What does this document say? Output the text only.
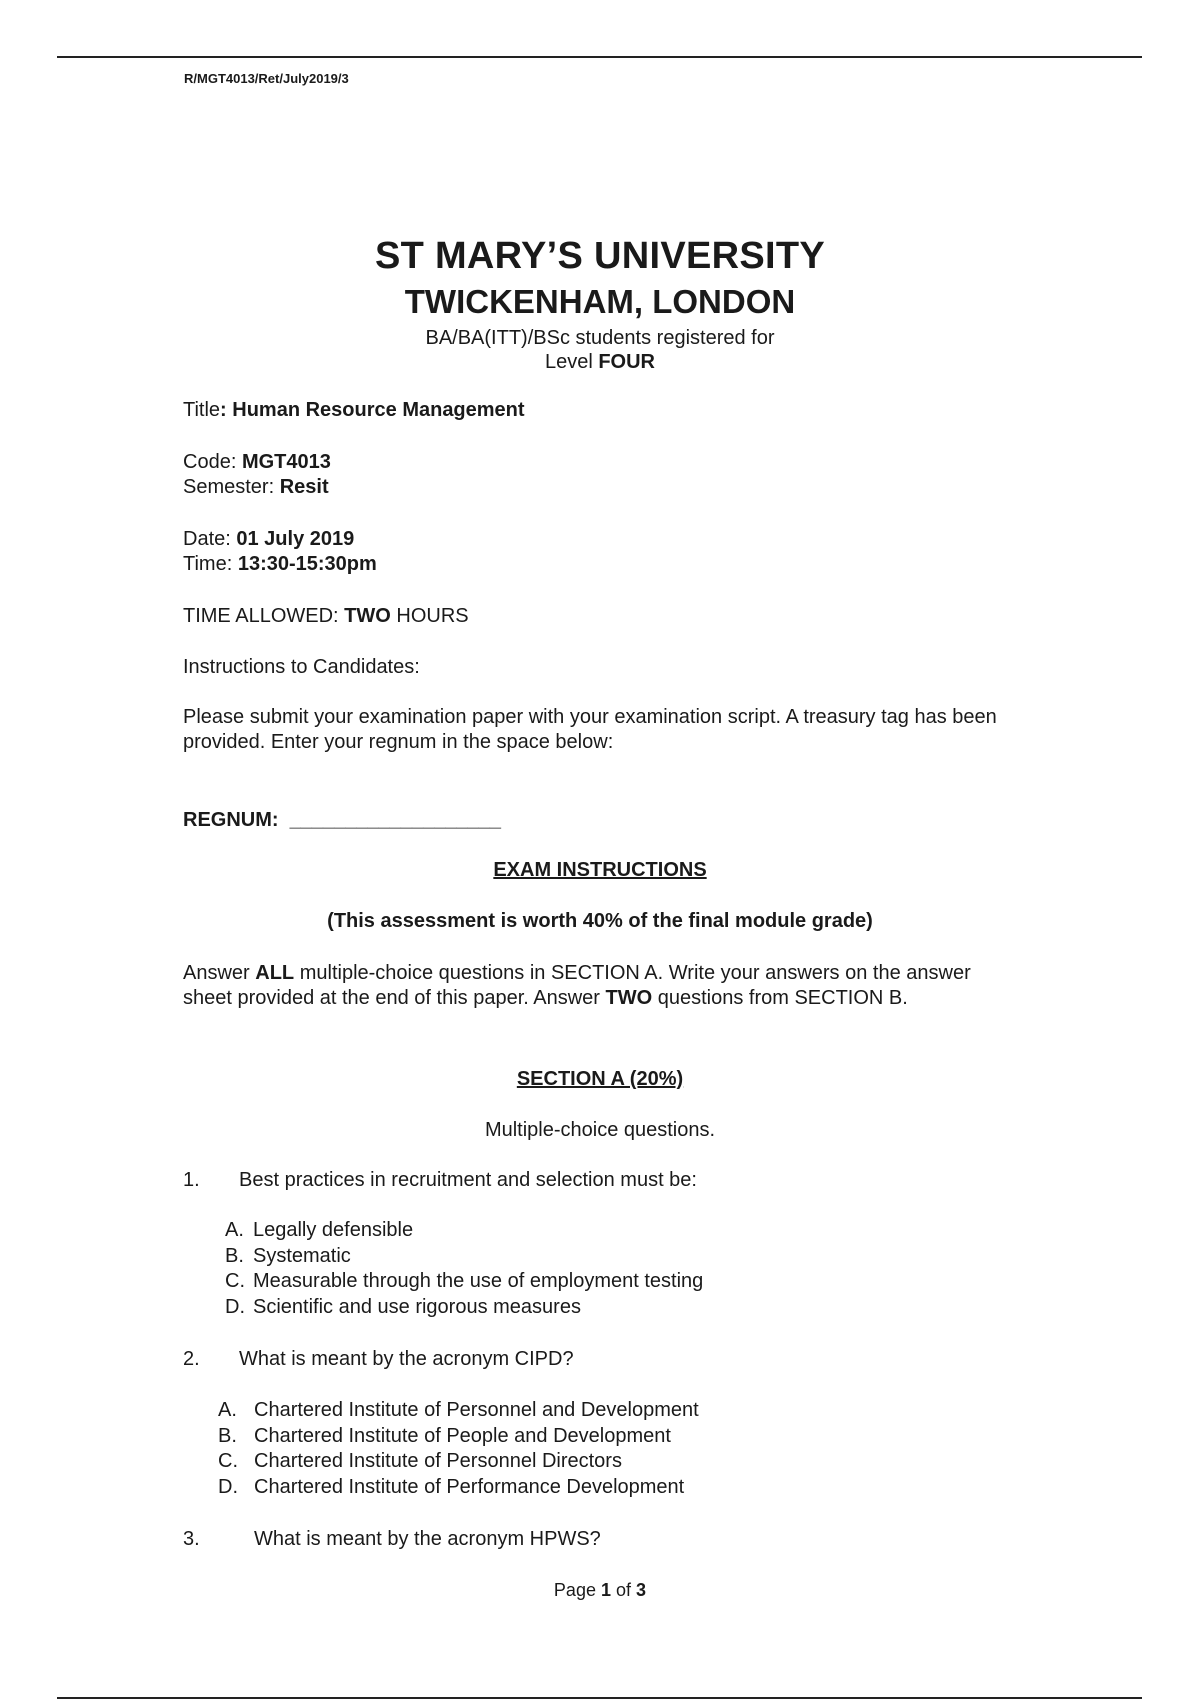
R/MGT4013/Ret/July2019/3
ST MARY’S UNIVERSITY
TWICKENHAM, LONDON
BA/BA(ITT)/BSc students registered for
Level FOUR
Title: Human Resource Management
Code: MGT4013
Semester: Resit
Date: 01 July 2019
Time: 13:30-15:30pm
TIME ALLOWED: TWO HOURS
Instructions to Candidates:
Please submit your examination paper with your examination script. A treasury tag has been provided. Enter your regnum in the space below:
REGNUM: ___________________
EXAM INSTRUCTIONS
(This assessment is worth 40% of the final module grade)
Answer ALL multiple-choice questions in SECTION A. Write your answers on the answer sheet provided at the end of this paper. Answer TWO questions from SECTION B.
SECTION A (20%)
Multiple-choice questions.
1. Best practices in recruitment and selection must be:
A. Legally defensible
B. Systematic
C. Measurable through the use of employment testing
D. Scientific and use rigorous measures
2. What is meant by the acronym CIPD?
A. Chartered Institute of Personnel and Development
B. Chartered Institute of People and Development
C. Chartered Institute of Personnel Directors
D. Chartered Institute of Performance Development
3.	What is meant by the acronym HPWS?
Page 1 of 3
